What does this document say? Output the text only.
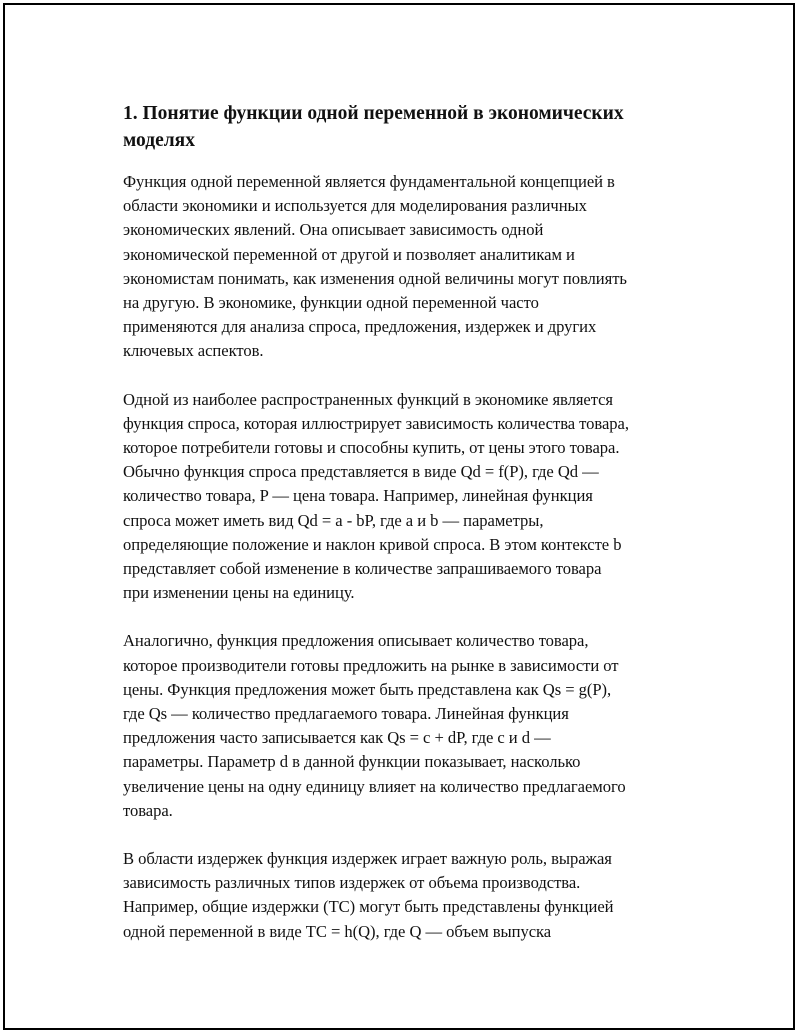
1. Понятие функции одной переменной в экономических
моделях

Функция одной переменной является фундаментальной концепцией в
области экономики и используется для моделирования различных
экономических явлений. Она описывает зависимость одной
экономической переменной от другой и позволяет аналитикам и
экономистам понимать, как изменения одной величины могут повлиять
на другую. В экономике, функции одной переменной часто
применяются для анализа спроса, предложения, издержек и других
ключевых аспектов.

Одной из наиболее распространенных функций в экономике является
функция спроса, которая иллюстрирует зависимость количества товара,
которое потребители готовы и способны купить, от цены этого товара.
Обычно функция спроса представляется в виде Qd = f(P), где Qd —
количество товара, P — цена товара. Например, линейная функция
спроса может иметь вид Qd = a - bP, где a и b — параметры,
определяющие положение и наклон кривой спроса. В этом контексте b
представляет собой изменение в количестве запрашиваемого товара
при изменении цены на единицу.

Аналогично, функция предложения описывает количество товара,
которое производители готовы предложить на рынке в зависимости от
цены. Функция предложения может быть представлена как Qs = g(P),
где Qs — количество предлагаемого товара. Линейная функция
предложения часто записывается как Qs = c + dP, где c и d —
параметры. Параметр d в данной функции показывает, насколько
увеличение цены на одну единицу влияет на количество предлагаемого
товара.

В области издержек функция издержек играет важную роль, выражая
зависимость различных типов издержек от объема производства.
Например, общие издержки (TC) могут быть представлены функцией
одной переменной в виде TC = h(Q), где Q — объем выпуска
